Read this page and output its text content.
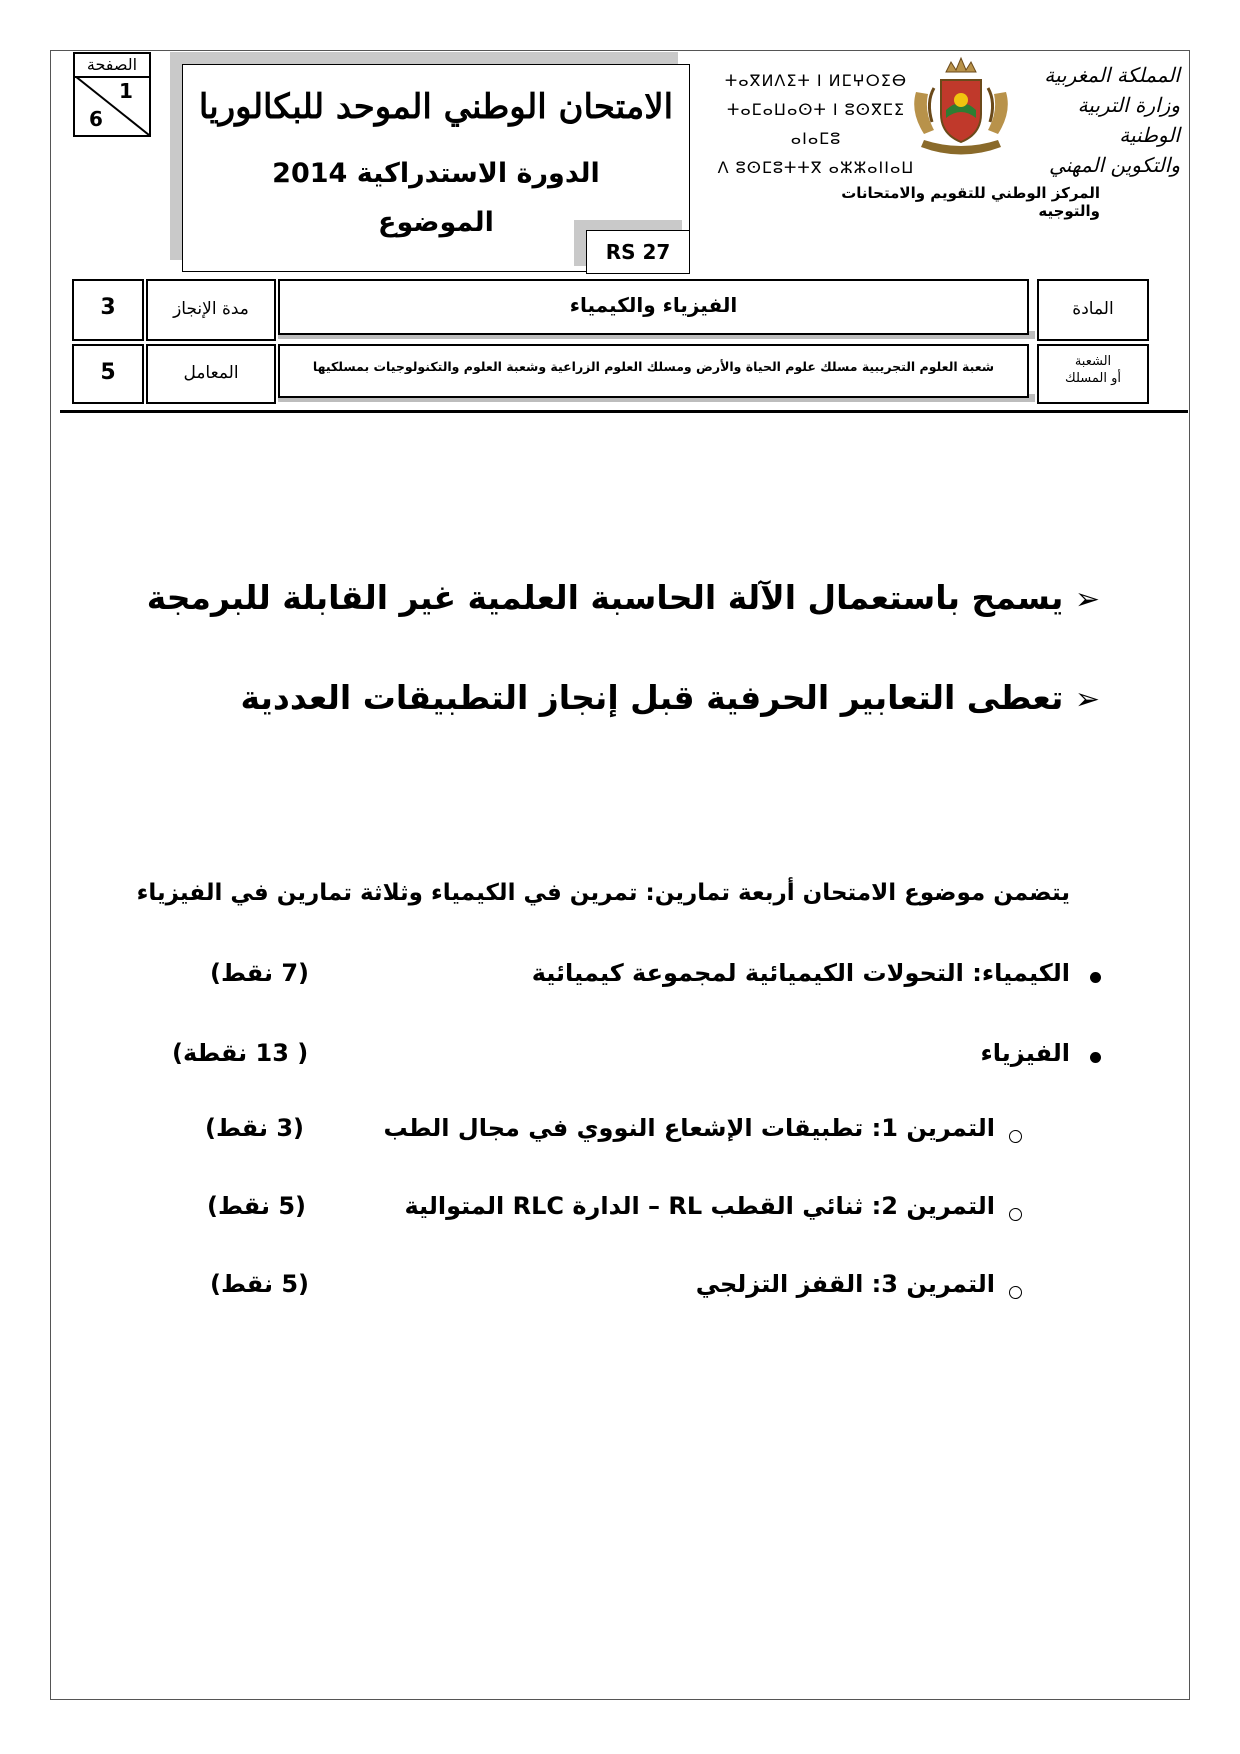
الصفحة
1
6	الامتحان الوطني الموحد للبكالوريا
الدورة الاستدراكية 2014
الموضوع
RS 27
ⵜⴰⴳⵍⴷⵉⵜ ⵏ ⵍⵎⵖⵔⵉⴱ
ⵜⴰⵎⴰⵡⴰⵙⵜ ⵏ ⵓⵙⴳⵎⵉ ⴰⵏⴰⵎⵓ
ⴷ ⵓⵙⵎⵓⵜⵜⴳ ⴰⵣⵣⴰⵏⵏⴰⵡ
المملكة المغربية
وزارة التربية الوطنية
والتكوين المهني
المركز الوطني للتقويم والامتحانات والتوجيه
3	مدة الإنجاز	الفيزياء والكيمياء	المادة
5	المعامل	شعبة العلوم التجريبية مسلك علوم الحياة والأرض ومسلك العلوم الزراعية وشعبة العلوم والتكنولوجيات بمسلكيها	الشعبة
أو المسلك
➢ يسمح باستعمال الآلة الحاسبة العلمية غير القابلة للبرمجة
➢ تعطى التعابير الحرفية قبل إنجاز التطبيقات العددية
يتضمن موضوع الامتحان أربعة تمارين: تمرين في الكيمياء وثلاثة تمارين في الفيزياء
الكيمياء: التحولات الكيميائية لمجموعة كيميائية
(7 نقط)
الفيزياء
( 13 نقطة)
التمرين 1: تطبيقات الإشعاع النووي في مجال الطب
(3 نقط)
التمرين 2: ثنائي القطب RL – الدارة RLC المتوالية
(5 نقط)
التمرين 3: القفز التزلجي
(5 نقط)
